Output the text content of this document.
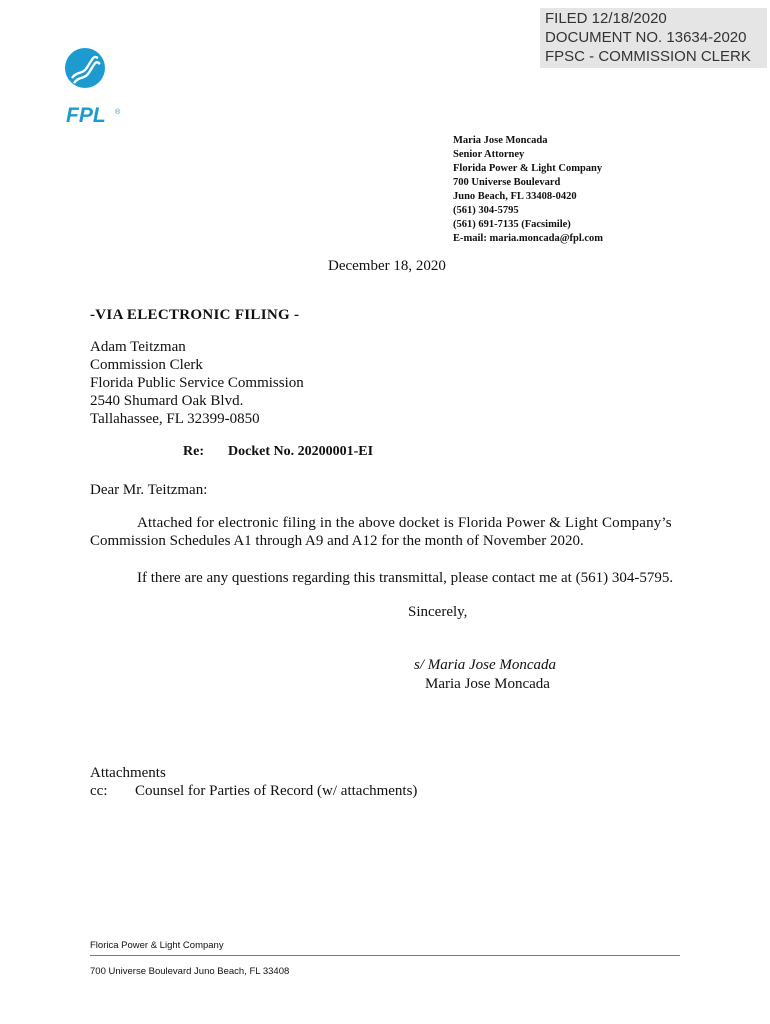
FILED 12/18/2020
DOCUMENT NO. 13634-2020
FPSC - COMMISSION CLERK
FPL ®
Maria Jose Moncada
Senior Attorney
Florida Power & Light Company
700 Universe Boulevard
Juno Beach, FL 33408-0420
(561) 304-5795
(561) 691-7135 (Facsimile)
E-mail: maria.moncada@fpl.com
December 18, 2020
-VIA ELECTRONIC FILING -
Adam Teitzman
Commission Clerk
Florida Public Service Commission
2540 Shumard Oak Blvd.
Tallahassee, FL 32399-0850
Re: Docket No. 20200001-EI
Dear Mr. Teitzman:
Attached for electronic filing in the above docket is Florida Power & Light Company’s
Commission Schedules A1 through A9 and A12 for the month of November 2020.
If there are any questions regarding this transmittal, please contact me at (561) 304-5795.
Sincerely,
s/ Maria Jose Moncada
Maria Jose Moncada
Attachments
cc: Counsel for Parties of Record (w/ attachments)
Florica Power & Light Company
700 Universe Boulevard Juno Beach, FL 33408
